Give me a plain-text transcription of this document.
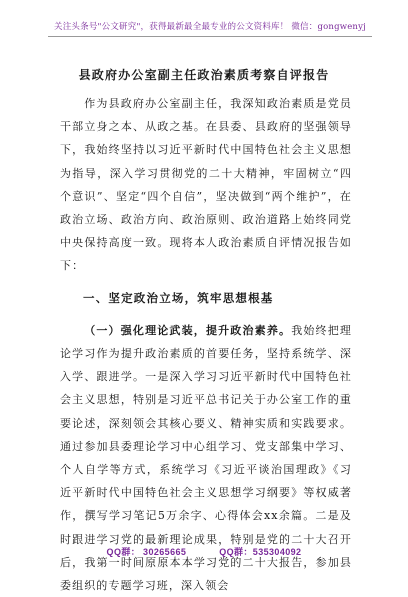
关注头条号"公文研究"，获得最新最全最专业的公文资料库！ 微信：gongwenyj
县政府办公室副主任政治素质考察自评报告

作为县政府办公室副主任，我深知政治素质是党员干部立身之本、从政之基。在县委、县政府的坚强领导下，我始终坚持以习近平新时代中国特色社会主义思想为指导，深入学习贯彻党的二十大精神，牢固树立“四个意识”、坚定“四个自信”，坚决做到“两个维护”，在政治立场、政治方向、政治原则、政治道路上始终同党中央保持高度一致。现将本人政治素质自评情况报告如下：

一、坚定政治立场，筑牢思想根基

（一）强化理论武装，提升政治素养。我始终把理论学习作为提升政治素质的首要任务，坚持系统学、深入学、跟进学。一是深入学习习近平新时代中国特色社会主义思想，特别是习近平总书记关于办公室工作的重要论述，深刻领会其核心要义、精神实质和实践要求。通过参加县委理论学习中心组学习、党支部集中学习、个人自学等方式，系统学习《习近平谈治国理政》《习近平新时代中国特色社会主义思想学习纲要》等权威著作，撰写学习笔记5万余字、心得体会xx余篇。二是及时跟进学习党的最新理论成果，特别是党的二十大召开后，我第一时间原原本本学习党的二十大报告，参加县委组织的专题学习班，深入领会

QQ群： 30265665	QQ群：535304092
